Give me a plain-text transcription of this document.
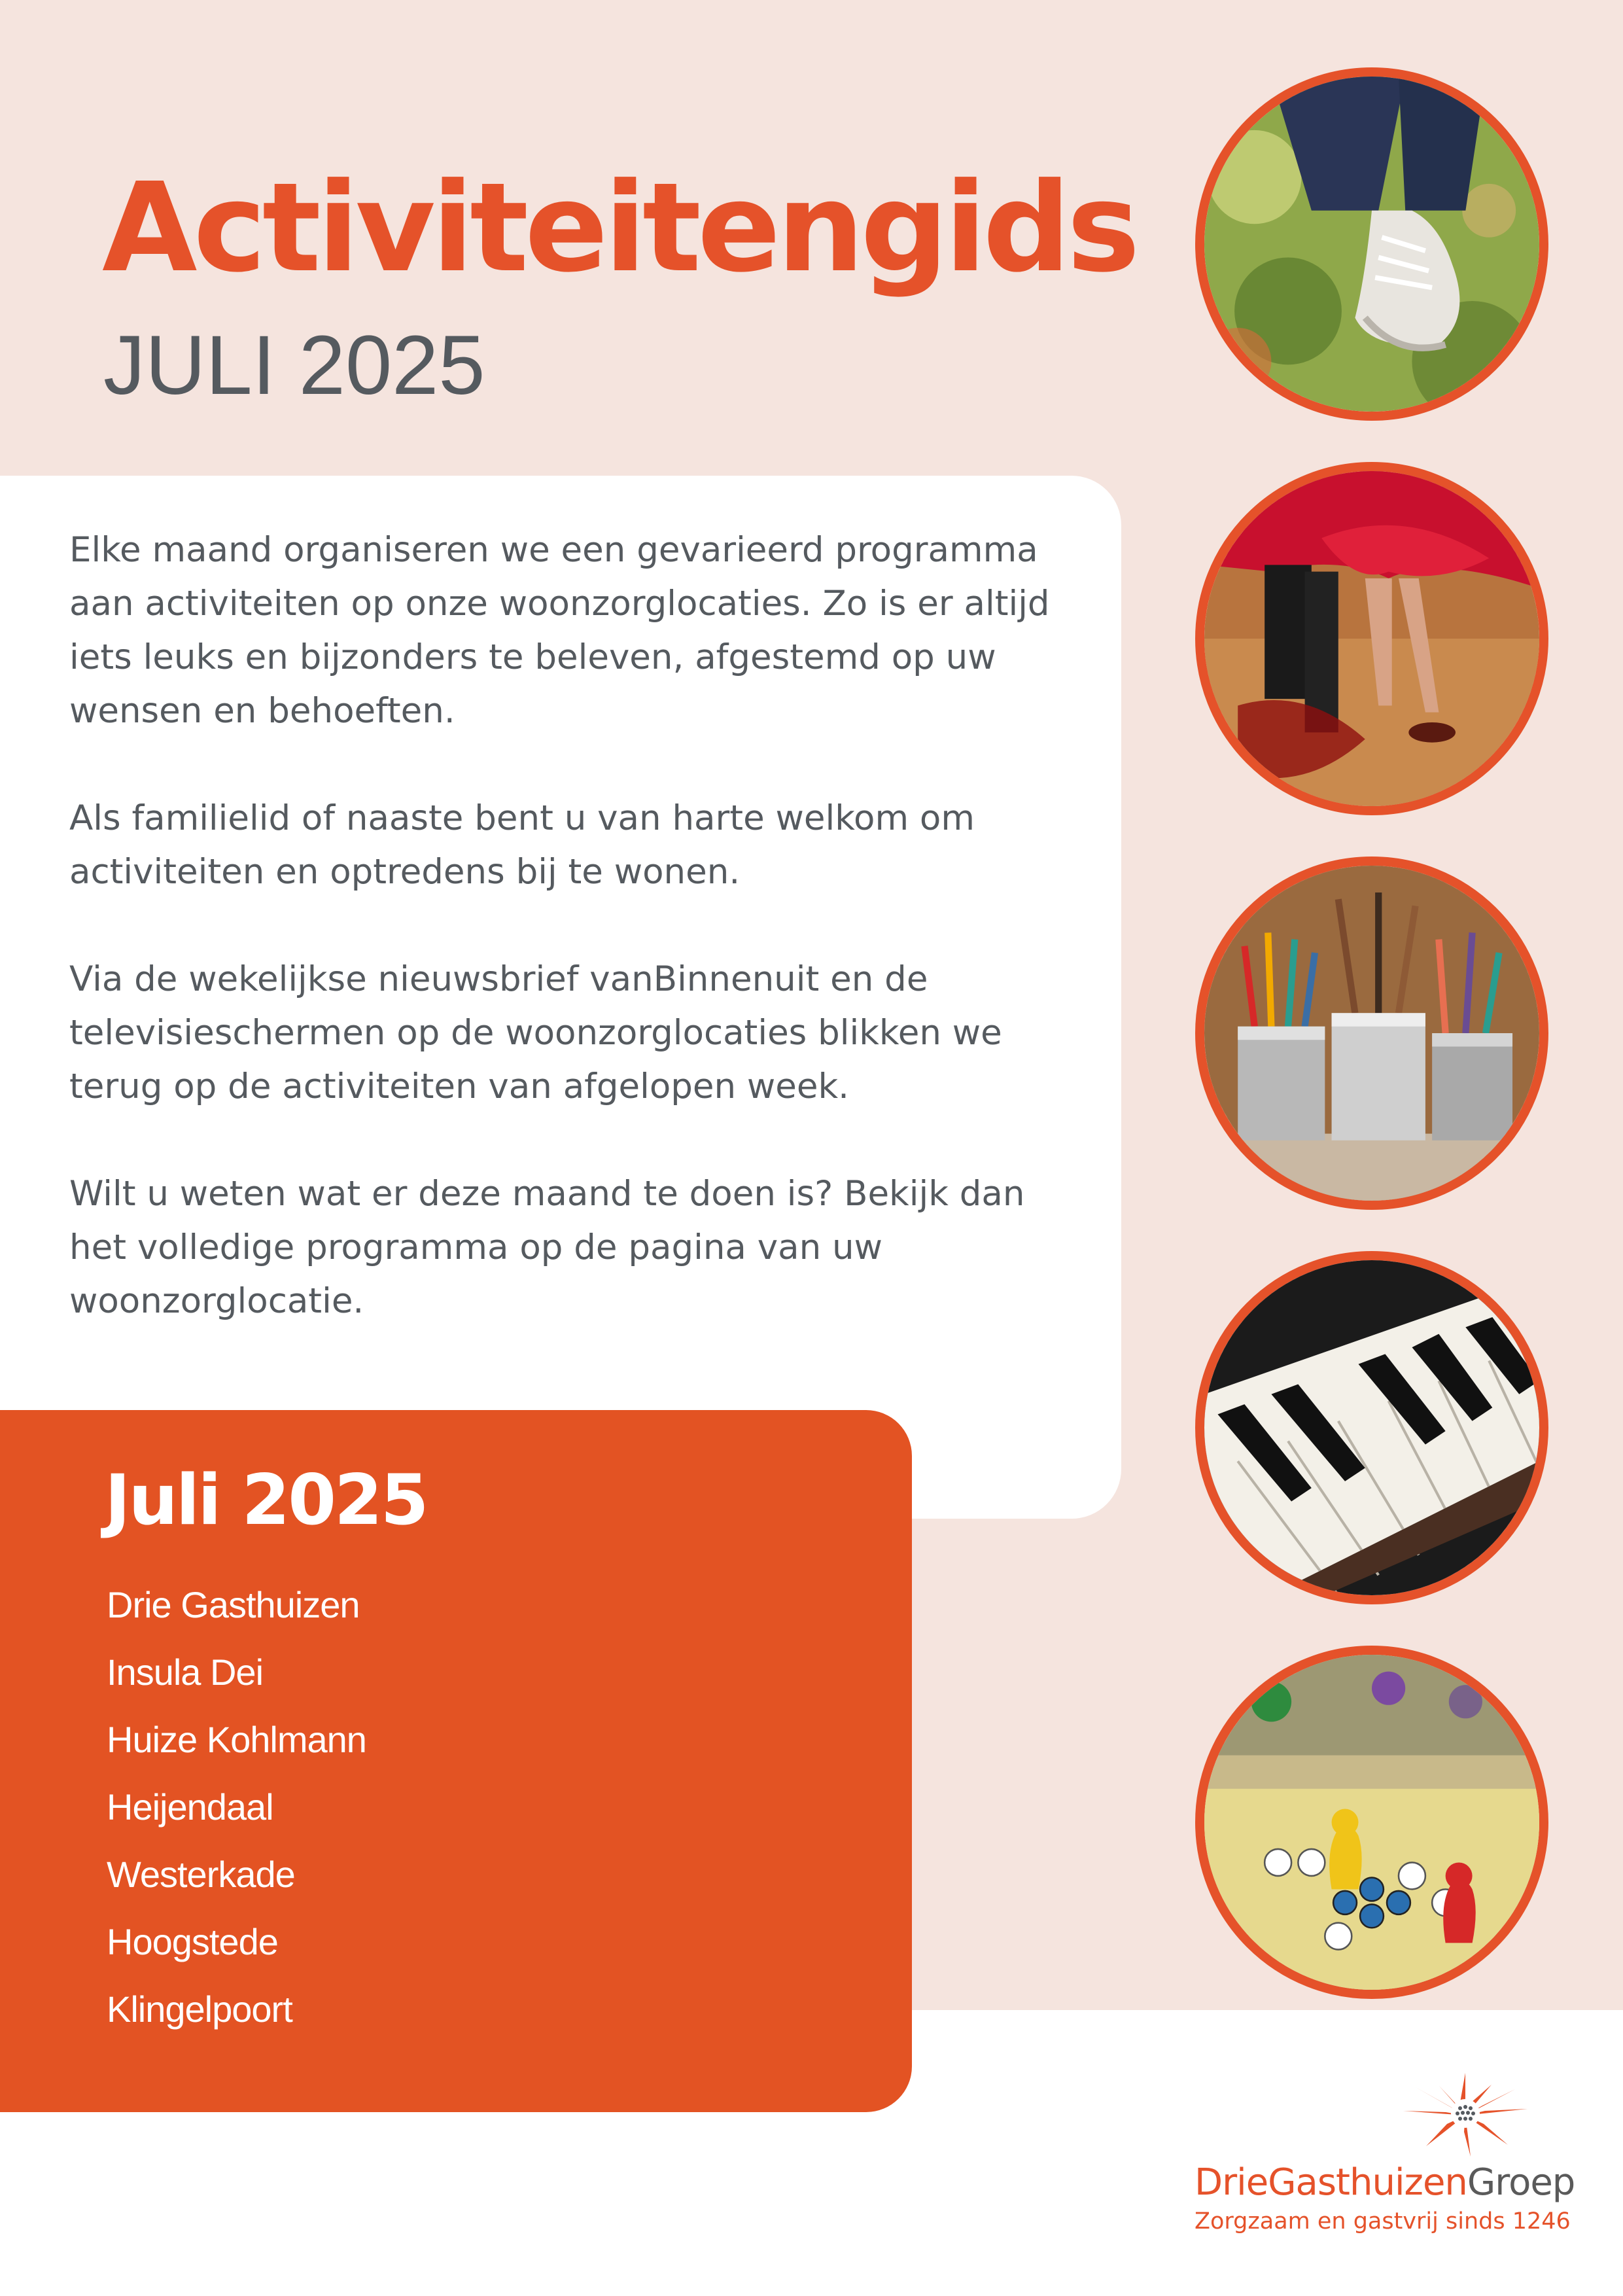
Activiteitengids
JULI 2025

Elke maand organiseren we een gevarieerd programma aan activiteiten op onze woonzorglocaties. Zo is er altijd iets leuks en bijzonders te beleven, afgestemd op uw wensen en behoeften.

Als familielid of naaste bent u van harte welkom om activiteiten en optredens bij te wonen.

Via de wekelijkse nieuwsbrief vanBinnenuit en de televisieschermen op de woonzorglocaties blikken we terug op de activiteiten van afgelopen week.

Wilt u weten wat er deze maand te doen is? Bekijk dan het volledige programma op de pagina van uw woonzorglocatie.

Juli 2025
Drie Gasthuizen
Insula Dei
Huize Kohlmann
Heijendaal
Westerkade
Hoogstede
Klingelpoort
DrieGasthuizenGroep
Zorgzaam en gastvrij sinds 1246
